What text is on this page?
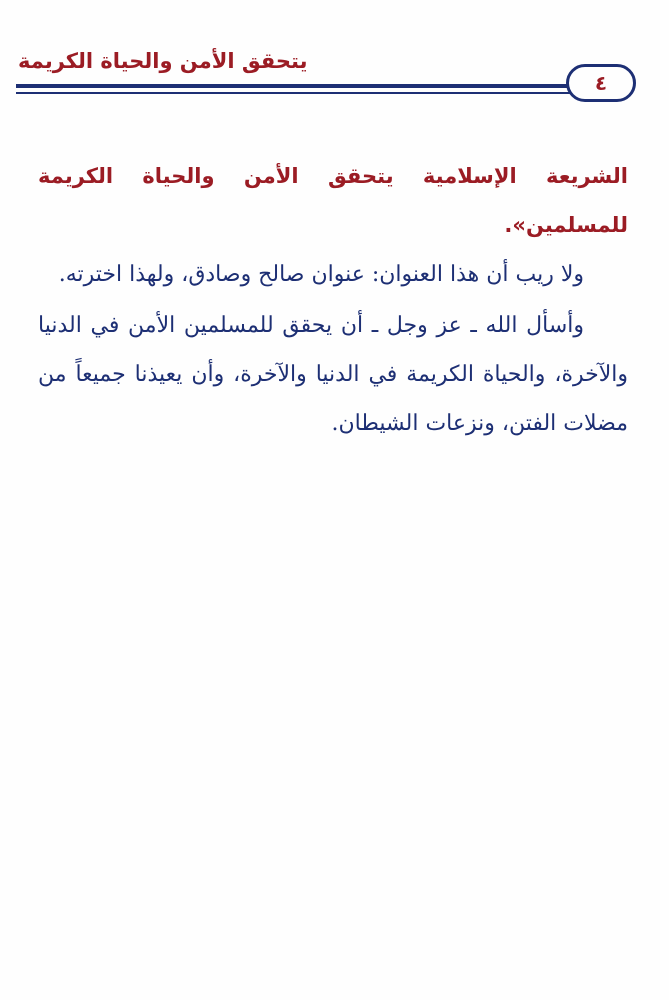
يتحقق الأمن والحياة الكريمة
٤

الشريعة الإسلامية يتحقق الأمن والحياة الكريمة للمسلمين».

ولا ريب أن هذا العنوان: عنوان صالح وصادق، ولهذا اخترته.

وأسأل الله ـ عز وجل ـ أن يحقق للمسلمين الأمن في الدنيا والآخرة، والحياة الكريمة في الدنيا والآخرة، وأن يعيذنا جميعاً من مضلات الفتن، ونزعات الشيطان.
